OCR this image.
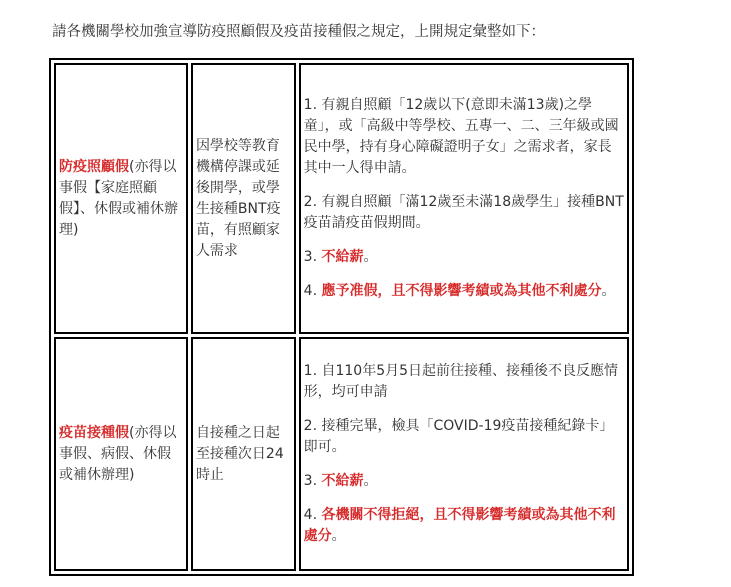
請各機關學校加強宣導防疫照顧假及疫苗接種假之規定，上開規定彙整如下：
防疫照顧假(亦得以事假【家庭照顧假】、休假或補休辦理)	因學校等教育機構停課或延後開學，或學生接種BNT疫苗，有照顧家人需求	1. 有親自照顧「12歲以下(意即未滿13歲)之學童」，或「高級中等學校、五專一、二、三年級或國民中學，持有身心障礙證明子女」之需求者，家長其中一人得申請。

2. 有親自照顧「滿12歲至未滿18歲學生」接種BNT疫苗請疫苗假期間。

3. 不給薪。

4. 應予准假，且不得影響考績或為其他不利處分。

疫苗接種假(亦得以事假、病假、休假或補休辦理)	自接種之日起至接種次日24時止	1. 自110年5月5日起前往接種、接種後不良反應情形，均可申請

2. 接種完畢，檢具「COVID-19疫苗接種紀錄卡」即可。

3. 不給薪。

4. 各機關不得拒絕，且不得影響考績或為其他不利處分。
